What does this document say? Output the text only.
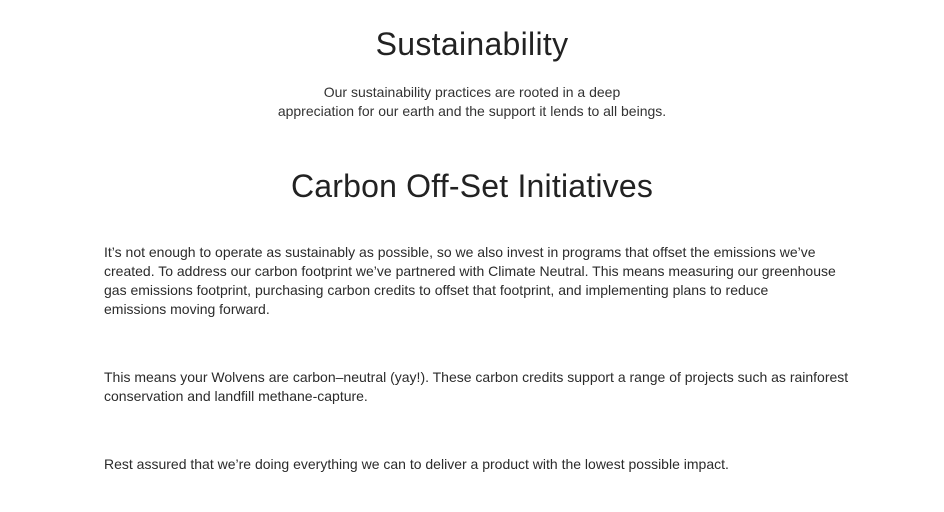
Sustainability

Our sustainability practices are rooted in a deep
appreciation for our earth and the support it lends to all beings.

Carbon Off-Set Initiatives

It’s not enough to operate as sustainably as possible, so we also invest in programs that offset the emissions we’ve
created. To address our carbon footprint we’ve partnered with Climate Neutral. This means measuring our greenhouse
gas emissions footprint, purchasing carbon credits to offset that footprint, and implementing plans to reduce
emissions moving forward.

This means your Wolvens are carbon–neutral (yay!). These carbon credits support a range of projects such as rainforest
conservation and landfill methane-capture.

Rest assured that we’re doing everything we can to deliver a product with the lowest possible impact.
